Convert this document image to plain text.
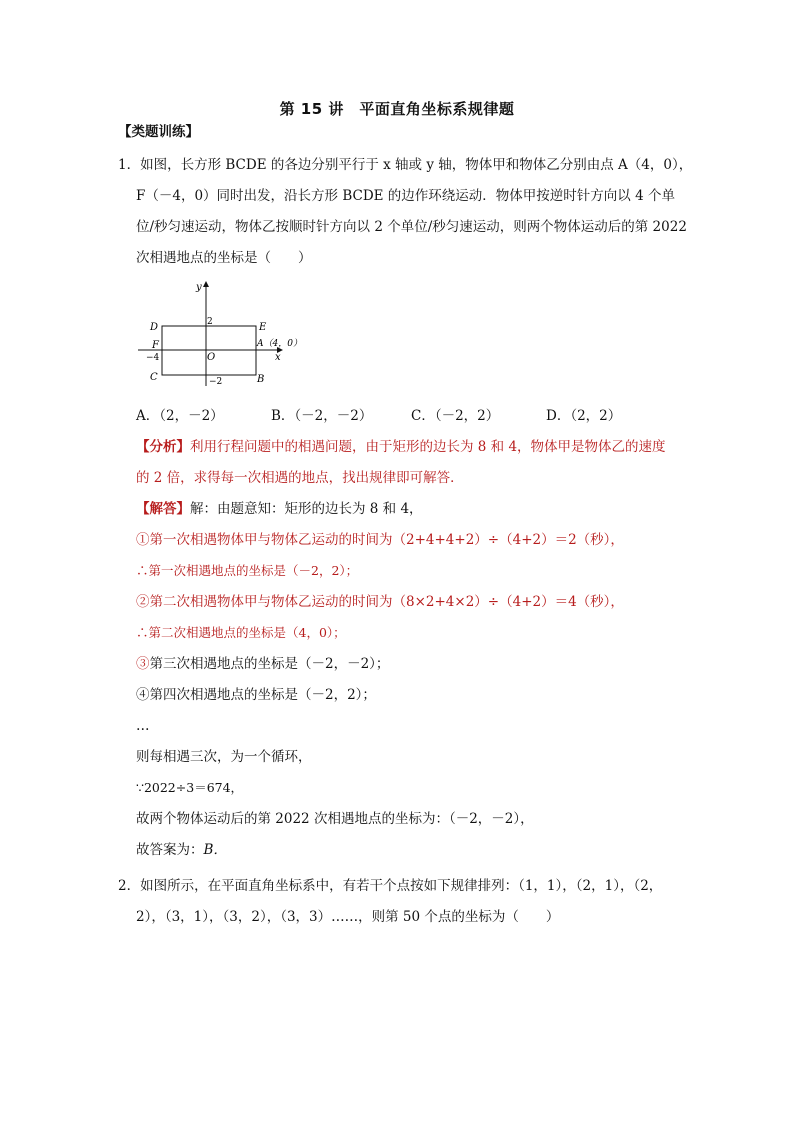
第 15 讲　平面直角坐标系规律题
【类题训练】
1．如图，长方形 BCDE 的各边分别平行于 x 轴或 y 轴，物体甲和物体乙分别由点 A（4，0），
F（－4，0）同时出发，沿长方形 BCDE 的边作环绕运动．物体甲按逆时针方向以 4 个单
位/秒匀速运动，物体乙按顺时针方向以 2 个单位/秒匀速运动，则两个物体运动后的第 2022
次相遇地点的坐标是（　　）
y
x
D	E
F	A（4，0）
−4	O
2
C	−2	B
A．（2，－2）	B．（－2，－2）	C．（－2，2）	D．（2，2）
【分析】利用行程问题中的相遇问题，由于矩形的边长为 8 和 4，物体甲是物体乙的速度
的 2 倍，求得每一次相遇的地点，找出规律即可解答．
【解答】解：由题意知：矩形的边长为 8 和 4，
①第一次相遇物体甲与物体乙运动的时间为（2+4+4+2）÷（4+2）＝2（秒），
∴第一次相遇地点的坐标是（－2，2）；
②第二次相遇物体甲与物体乙运动的时间为（8×2+4×2）÷（4+2）＝4（秒），
∴第二次相遇地点的坐标是（4，0）；
③第三次相遇地点的坐标是（－2，－2）；
④第四次相遇地点的坐标是（－2，2）；
…
则每相遇三次，为一个循环，
∵2022÷3＝674，
故两个物体运动后的第 2022 次相遇地点的坐标为：（－2，－2），
故答案为：B．
2．如图所示，在平面直角坐标系中，有若干个点按如下规律排列：（1，1），（2，1），（2，
2），（3，1），（3，2），（3，3）……，则第 50 个点的坐标为（　　）
